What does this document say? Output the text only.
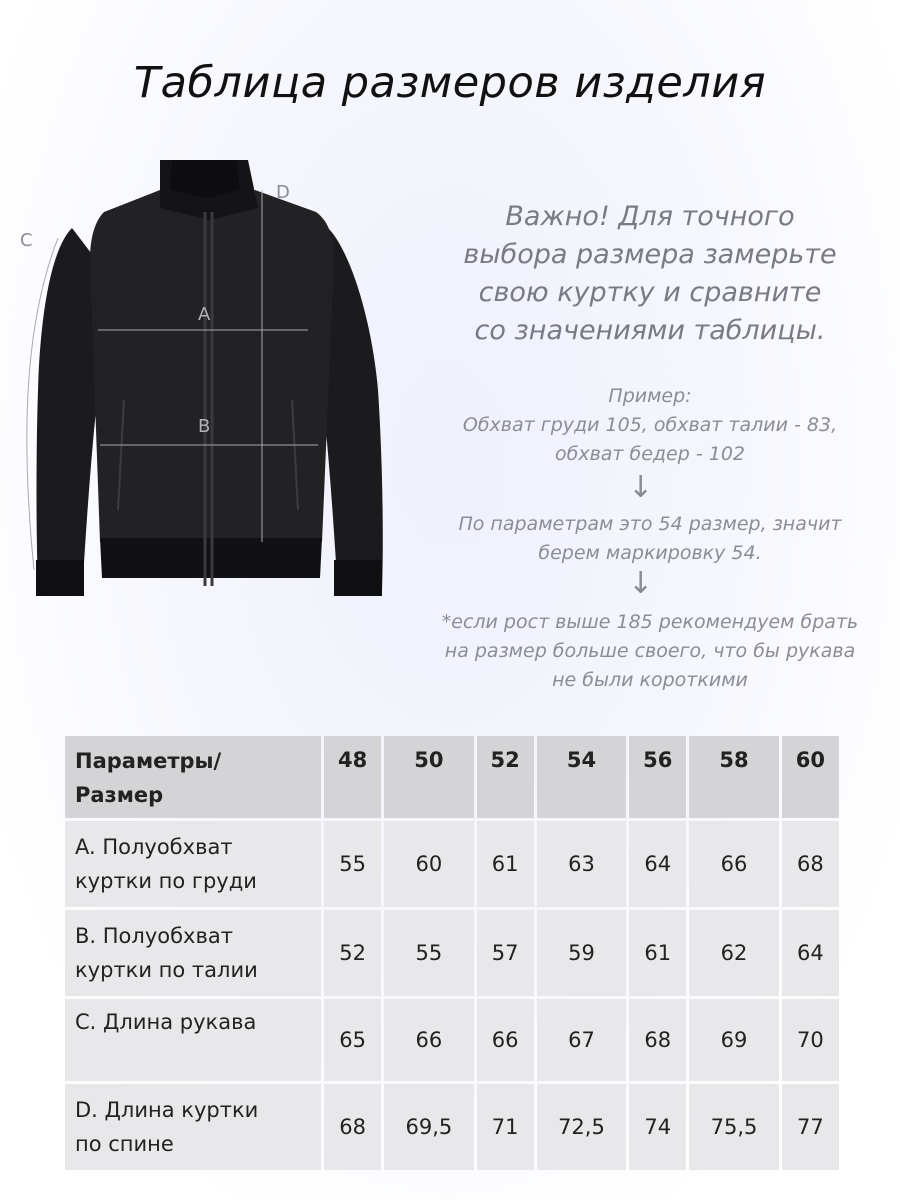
Таблица размеров изделия
A
B
C
D
Важно! Для точного
выбора размера замерьте
свою куртку и сравните
со значениями таблицы.
Пример:
Обхват груди 105, обхват талии - 83,
обхват бедер - 102
↓
По параметрам это 54 размер, значит
берем маркировку 54.
↓
*если рост выше 185 рекомендуем брать
на размер больше своего, что бы рукава
не были короткими
Параметры/
Размер	48	50	52	54	56	58	60

A. Полуобхват
куртки по груди	55	60	61	63	64	66	68

B. Полуобхват
куртки по талии	52	55	57	59	61	62	64

C. Длина рукава	65	66	66	67	68	69	70

D. Длина куртки
по спине	68	69,5	71	72,5	74	75,5	77
